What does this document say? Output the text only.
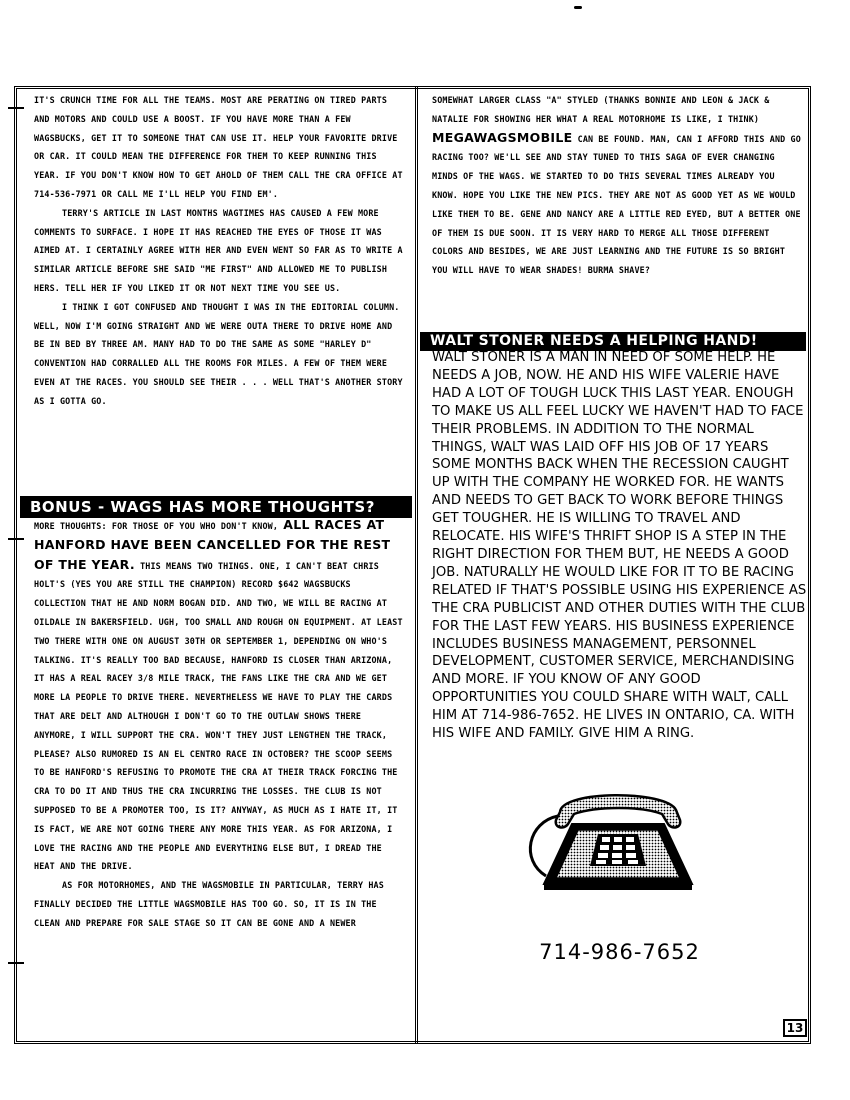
IT'S CRUNCH TIME FOR ALL THE TEAMS. MOST ARE PERATING ON TIRED PARTS AND MOTORS AND COULD USE A BOOST. IF YOU HAVE MORE THAN A FEW WAGSBUCKS, GET IT TO SOMEONE THAT CAN USE IT. HELP YOUR FAVORITE DRIVE OR CAR. IT COULD MEAN THE DIFFERENCE FOR THEM TO KEEP RUNNING THIS YEAR. IF YOU DON'T KNOW HOW TO GET AHOLD OF THEM CALL THE CRA OFFICE AT 714-536-7971 OR CALL ME I'LL HELP YOU FIND EM'.

TERRY'S ARTICLE IN LAST MONTHS WAGTIMES HAS CAUSED A FEW MORE COMMENTS TO SURFACE. I HOPE IT HAS REACHED THE EYES OF THOSE IT WAS AIMED AT. I CERTAINLY AGREE WITH HER AND EVEN WENT SO FAR AS TO WRITE A SIMILAR ARTICLE BEFORE SHE SAID "ME FIRST" AND ALLOWED ME TO PUBLISH HERS. TELL HER IF YOU LIKED IT OR NOT NEXT TIME YOU SEE US.

I THINK I GOT CONFUSED AND THOUGHT I WAS IN THE EDITORIAL COLUMN. WELL, NOW I'M GOING STRAIGHT AND WE WERE OUTA THERE TO DRIVE HOME AND BE IN BED BY THREE AM. MANY HAD TO DO THE SAME AS SOME "HARLEY D" CONVENTION HAD CORRALLED ALL THE ROOMS FOR MILES. A FEW OF THEM WERE EVEN AT THE RACES. YOU SHOULD SEE THEIR . . . WELL THAT'S ANOTHER STORY AS I GOTTA GO.

BONUS - WAGS HAS MORE THOUGHTS?

MORE THOUGHTS: FOR THOSE OF YOU WHO DON'T KNOW, ALL RACES AT HANFORD HAVE BEEN CANCELLED FOR THE REST OF THE YEAR. THIS MEANS TWO THINGS. ONE, I CAN'T BEAT CHRIS HOLT'S (YES YOU ARE STILL THE CHAMPION) RECORD $642 WAGSBUCKS COLLECTION THAT HE AND NORM BOGAN DID. AND TWO, WE WILL BE RACING AT OILDALE IN BAKERSFIELD. UGH, TOO SMALL AND ROUGH ON EQUIPMENT. AT LEAST TWO THERE WITH ONE ON AUGUST 30TH OR SEPTEMBER 1, DEPENDING ON WHO'S TALKING. IT'S REALLY TOO BAD BECAUSE, HANFORD IS CLOSER THAN ARIZONA, IT HAS A REAL RACEY 3/8 MILE TRACK, THE FANS LIKE THE CRA AND WE GET MORE LA PEOPLE TO DRIVE THERE. NEVERTHELESS WE HAVE TO PLAY THE CARDS THAT ARE DELT AND ALTHOUGH I DON'T GO TO THE OUTLAW SHOWS THERE ANYMORE, I WILL SUPPORT THE CRA. WON'T THEY JUST LENGTHEN THE TRACK, PLEASE? ALSO RUMORED IS AN EL CENTRO RACE IN OCTOBER? THE SCOOP SEEMS TO BE HANFORD'S REFUSING TO PROMOTE THE CRA AT THEIR TRACK FORCING THE CRA TO DO IT AND THUS THE CRA INCURRING THE LOSSES. THE CLUB IS NOT SUPPOSED TO BE A PROMOTER TOO, IS IT? ANYWAY, AS MUCH AS I HATE IT, IT IS FACT, WE ARE NOT GOING THERE ANY MORE THIS YEAR. AS FOR ARIZONA, I LOVE THE RACING AND THE PEOPLE AND EVERYTHING ELSE BUT, I DREAD THE HEAT AND THE DRIVE.

AS FOR MOTORHOMES, AND THE WAGSMOBILE IN PARTICULAR, TERRY HAS FINALLY DECIDED THE LITTLE WAGSMOBILE HAS TOO GO. SO, IT IS IN THE CLEAN AND PREPARE FOR SALE STAGE SO IT CAN BE GONE AND A NEWER

SOMEWHAT LARGER CLASS "A" STYLED (THANKS BONNIE AND LEON & JACK & NATALIE FOR SHOWING HER WHAT A REAL MOTORHOME IS LIKE, I THINK) MEGAWAGSMOBILE CAN BE FOUND. MAN, CAN I AFFORD THIS AND GO RACING TOO? WE'LL SEE AND STAY TUNED TO THIS SAGA OF EVER CHANGING MINDS OF THE WAGS. WE STARTED TO DO THIS SEVERAL TIMES ALREADY YOU KNOW. HOPE YOU LIKE THE NEW PICS. THEY ARE NOT AS GOOD YET AS WE WOULD LIKE THEM TO BE. GENE AND NANCY ARE A LITTLE RED EYED, BUT A BETTER ONE OF THEM IS DUE SOON. IT IS VERY HARD TO MERGE ALL THOSE DIFFERENT COLORS AND BESIDES, WE ARE JUST LEARNING AND THE FUTURE IS SO BRIGHT YOU WILL HAVE TO WEAR SHADES! BURMA SHAVE?

WALT STONER NEEDS A HELPING HAND!

WALT STONER IS A MAN IN NEED OF SOME HELP. HE NEEDS A JOB, NOW. HE AND HIS WIFE VALERIE HAVE HAD A LOT OF TOUGH LUCK THIS LAST YEAR. ENOUGH TO MAKE US ALL FEEL LUCKY WE HAVEN'T HAD TO FACE THEIR PROBLEMS. IN ADDITION TO THE NORMAL THINGS, WALT WAS LAID OFF HIS JOB OF 17 YEARS SOME MONTHS BACK WHEN THE RECESSION CAUGHT UP WITH THE COMPANY HE WORKED FOR. HE WANTS AND NEEDS TO GET BACK TO WORK BEFORE THINGS GET TOUGHER. HE IS WILLING TO TRAVEL AND RELOCATE. HIS WIFE'S THRIFT SHOP IS A STEP IN THE RIGHT DIRECTION FOR THEM BUT, HE NEEDS A GOOD JOB. NATURALLY HE WOULD LIKE FOR IT TO BE RACING RELATED IF THAT'S POSSIBLE USING HIS EXPERIENCE AS THE CRA PUBLICIST AND OTHER DUTIES WITH THE CLUB FOR THE LAST FEW YEARS. HIS BUSINESS EXPERIENCE INCLUDES BUSINESS MANAGEMENT, PERSONNEL DEVELOPMENT, CUSTOMER SERVICE, MERCHANDISING AND MORE. IF YOU KNOW OF ANY GOOD OPPORTUNITIES YOU COULD SHARE WITH WALT, CALL HIM AT 714-986-7652. HE LIVES IN ONTARIO, CA. WITH HIS WIFE AND FAMILY. GIVE HIM A RING.

714-986-7652

13
